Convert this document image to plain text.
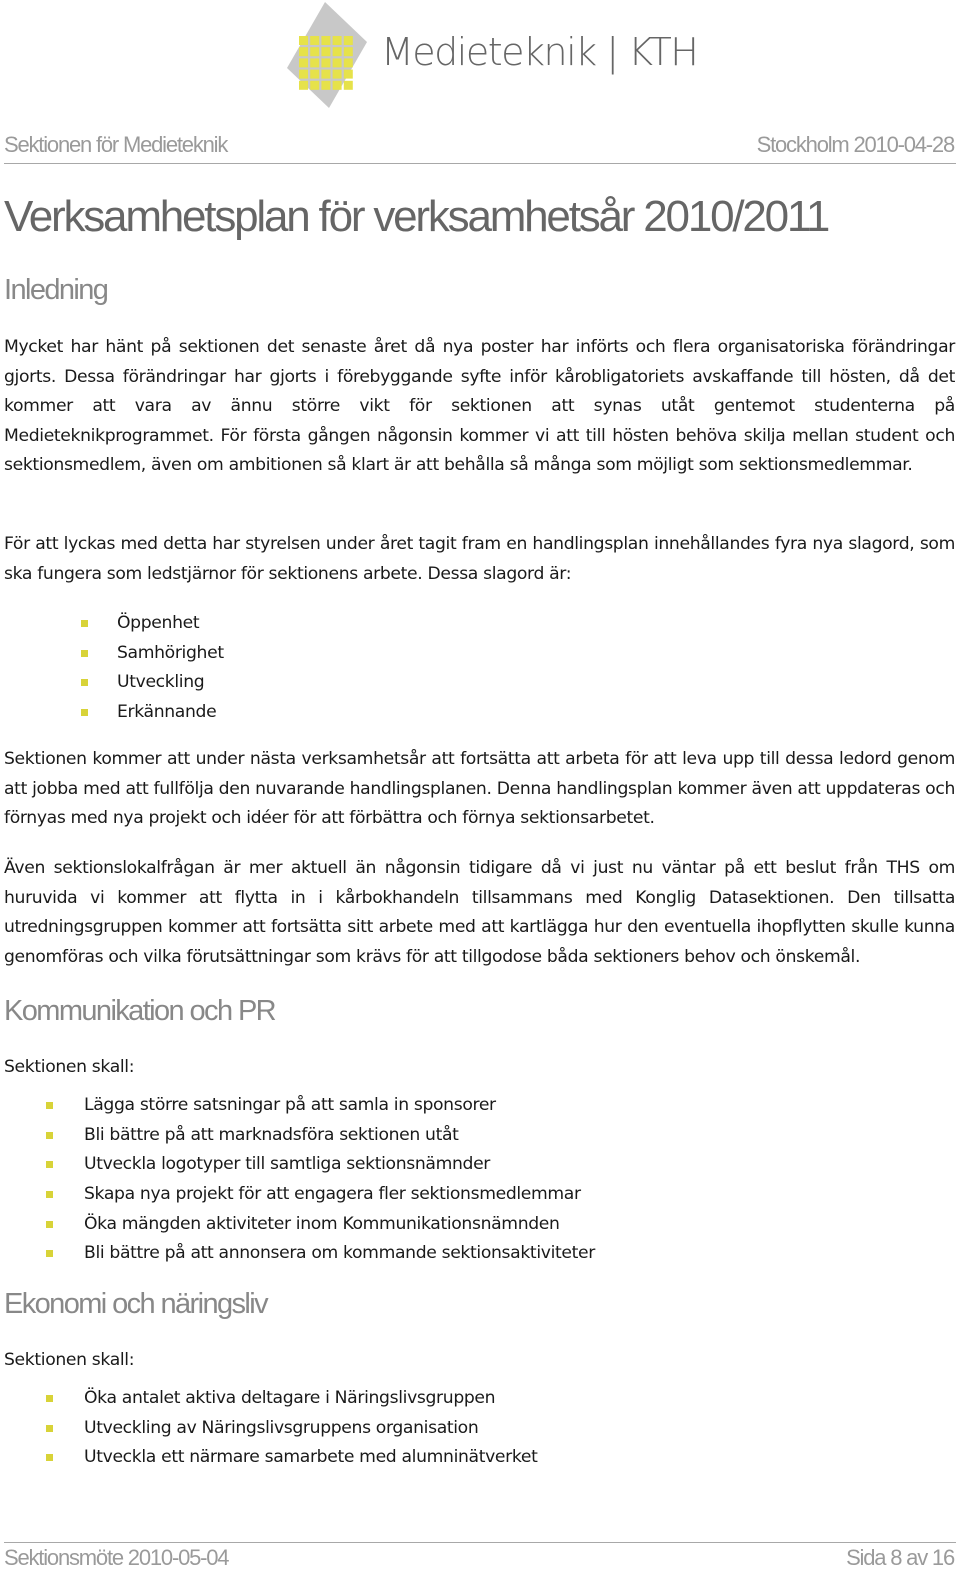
Medieteknik | KTH
Sektionen för Medieteknik	Stockholm 2010-04-28
Verksamhetsplan för verksamhetsår 2010/2011
Inledning

Mycket har hänt på sektionen det senaste året då nya poster har införts och flera organisatoriska förändringar gjorts. Dessa förändringar har gjorts i förebyggande syfte inför kårobligatoriets avskaffande till hösten, då det kommer att vara av ännu större vikt för sektionen att synas utåt gentemot studenterna på Medieteknikprogrammet. För första gången någonsin kommer vi att till hösten behöva skilja mellan student och sektionsmedlem, även om ambitionen så klart är att behålla så många som möjligt som sektionsmedlemmar.

För att lyckas med detta har styrelsen under året tagit fram en handlingsplan innehållandes fyra nya slagord, som ska fungera som ledstjärnor för sektionens arbete. Dessa slagord är:

Öppenhet
Samhörighet
Utveckling
Erkännande

Sektionen kommer att under nästa verksamhetsår att fortsätta att arbeta för att leva upp till dessa ledord genom att jobba med att fullfölja den nuvarande handlingsplanen. Denna handlingsplan kommer även att uppdateras och förnyas med nya projekt och idéer för att förbättra och förnya sektionsarbetet.

Även sektionslokalfrågan är mer aktuell än någonsin tidigare då vi just nu väntar på ett beslut från THS om huruvida vi kommer att flytta in i kårbokhandeln tillsammans med Konglig Datasektionen. Den tillsatta utredningsgruppen kommer att fortsätta sitt arbete med att kartlägga hur den eventuella ihopflytten skulle kunna genomföras och vilka förutsättningar som krävs för att tillgodose båda sektioners behov och önskemål.

Kommunikation och PR

Sektionen skall:

Lägga större satsningar på att samla in sponsorer
Bli bättre på att marknadsföra sektionen utåt
Utveckla logotyper till samtliga sektionsnämnder
Skapa nya projekt för att engagera fler sektionsmedlemmar
Öka mängden aktiviteter inom Kommunikationsnämnden
Bli bättre på att annonsera om kommande sektionsaktiviteter
Ekonomi och näringsliv

Sektionen skall:

Öka antalet aktiva deltagare i Näringslivsgruppen
Utveckling av Näringslivsgruppens organisation
Utveckla ett närmare samarbete med alumninätverket
Sektionsmöte 2010-05-04	Sida 8 av 16
